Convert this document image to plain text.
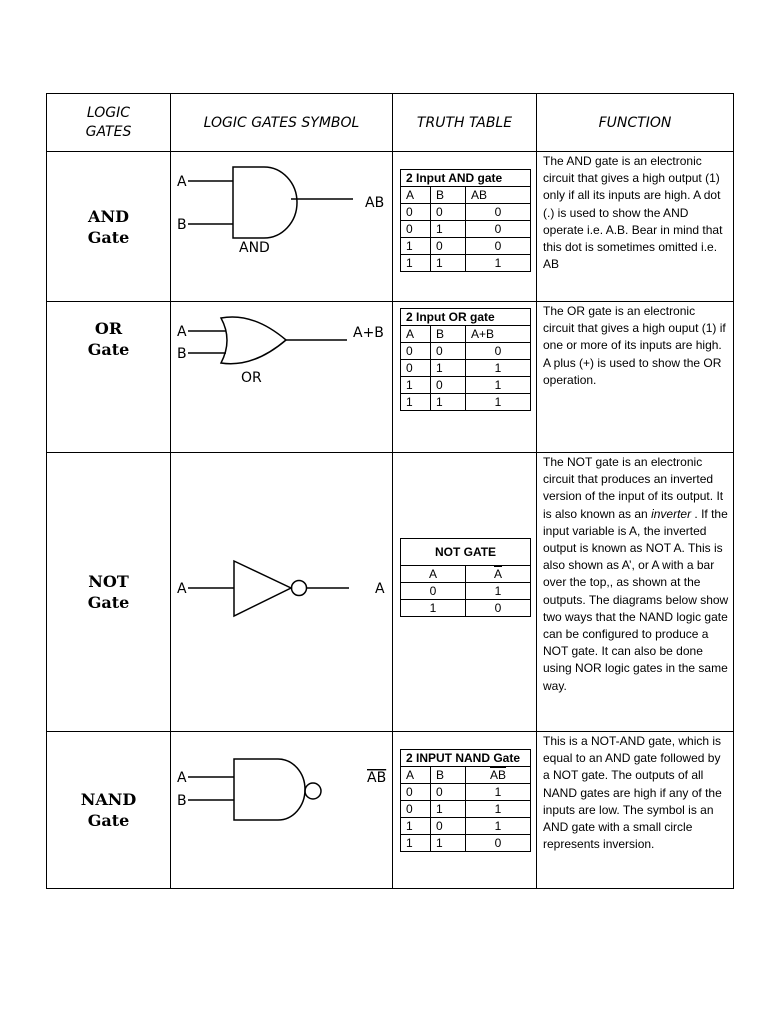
LOGIC GATES	LOGIC GATES SYMBOL	TRUTH TABLE	FUNCTION

AND
Gate

A
B
AB
AND

2 Input AND gate
A	B	AB
0	0	0
0	1	0
1	0	0
1	1	1

The AND gate is an electronic circuit that gives a high output (1) only if all its inputs are high. A dot (.) is used to show the AND operate i.e. A.B. Bear in mind that this dot is sometimes omitted i.e. AB

OR
Gate

A
B
A+B
OR

2 Input OR gate
A	B	A+B
0	0	0
0	1	1
1	0	1
1	1	1

The OR gate is an electronic circuit that gives a high ouput (1) if one or more of its inputs are high. A plus (+) is used to show the OR operation.

NOT
Gate

A	A

NOT GATE
A	$\overline{A}$
0	1
1	0

The NOT gate is an electronic circuit that produces an inverted version of the input of its output. It is also known as an inverter . If the input variable is A, the inverted output is known as NOT A. This is also shown as A’, or A with a bar over the top,, as shown at the outputs. The diagrams below show two ways that the NAND logic gate can be configured to produce a NOT gate. It can also be done using NOR logic gates in the same way.

NAND
Gate

A
B
AB

2 INPUT NAND Gate
A	B	$\overline{AB}$
0	0	1
0	1	1
1	0	1
1	1	0

This is a NOT-AND gate, which is equal to an AND gate followed by a NOT gate. The outputs of all NAND gates are high if any of the inputs are low. The symbol is an AND gate with a small circle represents inversion.
